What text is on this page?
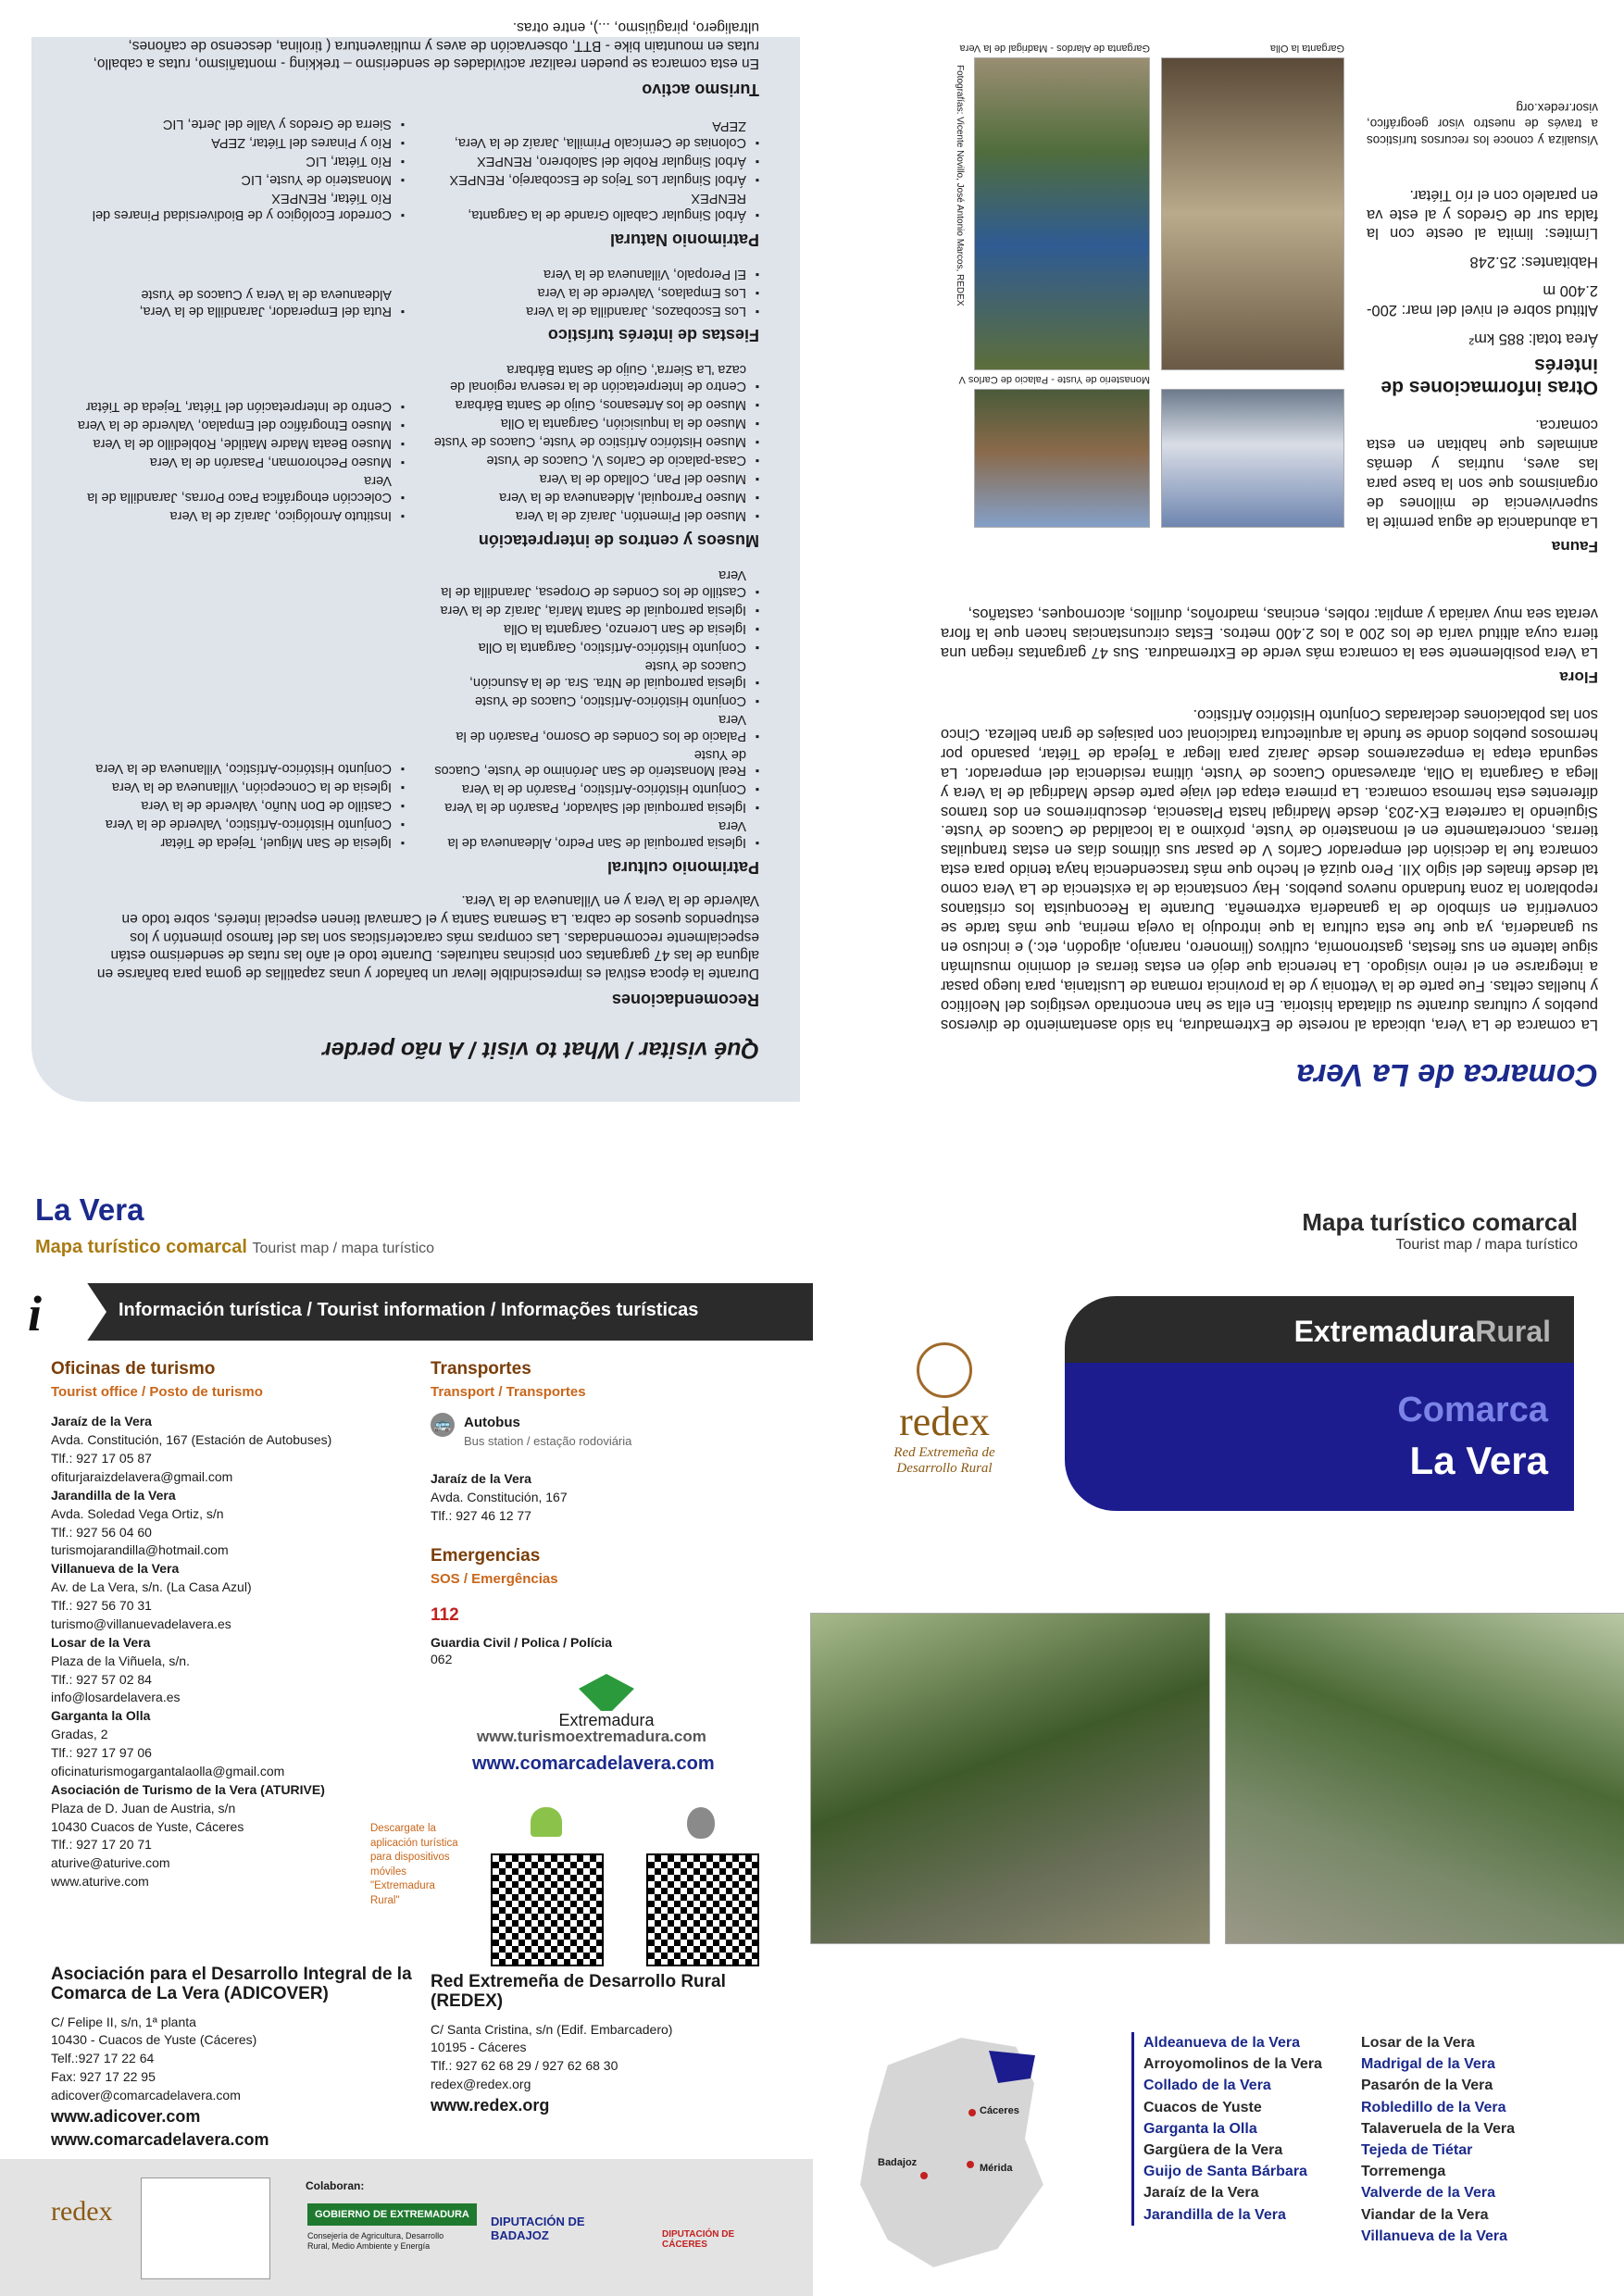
Comarca de La Vera

La comarca de La Vera, ubicada al noreste de Extremadura, ha sido asentamiento de diversos pueblos y culturas durante su dilatada historia. En ella se han encontrado vestigios del Neolítico y huellas celtas. Fue parte de la Vettonia y de la provincia romana de Lusitania, para luego pasar a integrarse en el reino visigodo. La herencia que dejó en estas tierras el dominio musulmán sigue latente en sus fiestas, gastronomía, cultivos (limonero, naranjo, algodón, etc.) e incluso en su ganadería, ya que fue esta cultura la que introdujo la oveja merina, que más tarde se convertiría en símbolo de la ganadería extremeña. Durante la Reconquista los cristianos repoblaron la zona fundando nuevos pueblos. Hay constancia de la existencia de La Vera como tal desde finales del siglo XII. Pero quizá el hecho que más trascendencia haya tenido para esta comarca fue la decisión del emperador Carlos V de pasar sus últimos días en estas tranquilas tierras, concretamente en el monasterio de Yuste, próximo a la localidad de Cuacos de Yuste. Siguiendo la carretera EX-203, desde Madrigal hasta Plasencia, descubriremos en dos tramos diferentes esta hermosa comarca. La primera etapa del viaje parte desde Madrigal de la Vera y llega a Garganta la Olla, atravesando Cuacos de Yuste, última residencia del emperador. La segunda etapa la empezaremos desde Jaraíz para llegar a Tejeda de Tiétar, pasando por hermosos pueblos donde se funde la arquitectura tradicional con paisajes de gran belleza. Cinco son las poblaciones declaradas Conjunto Histórico Artístico.

Flora

La Vera posiblemente sea la comarca más verde de Extremadura. Sus 47 gargantas riegan una tierra cuya altitud varía de los 200 a los 2.400 metros. Estas circunstancias hacen que la flora verata sea muy variada y amplia: robles, encinas, madroños, durillos, alcornoques, castaños,

Fauna

La abundancia de agua permite la supervivencia de millones de organismos que son la base para las aves, nutrias y demás animales que habitan en esta comarca.

Otras informaciones de interés

Área total: 885 km²

Altitud sobre el nivel del mar: 200-2.400 m

Habitantes: 25.248

Límites: limita al oeste con la falda sur de Gredos y al este va en paralelo con el río Tiétar.

Visualiza y conoce los recursos turísticos a través de nuestro visor geográfico, visor.redex.org

Monasterio de Yuste - Palacio de Carlos V
Garganta la Olla
Garganta de Alardos - Madrigal de la Vera
Qué visitar / What to visit / A não perder
Recomendaciones

Durante la época estival es imprescindible llevar un bañador y unas zapatillas de goma para bañarse en alguna de las 47 gargantas con piscinas naturales. Durante todo el año las rutas de senderismo están especialmente recomendadas. Las compras más características son las del famoso pimentón y los estupendos quesos de cabra. La Semana Santa y el Carnaval tienen especial interés, sobre todo en Valverde de la Vera y en Villanueva de la Vera.

Patrimonio cultural
▪ Iglesia parroquial de San Pedro, Aldeanueva de la Vera
▪ Iglesia parroquial del Salvador, Pasarón de la Vera
▪ Conjunto Histórico-Artístico, Pasarón de la Vera
▪ Real Monasterio de San Jerónimo de Yuste, Cuacos de Yuste
▪ Palacio de los Condes de Osorno, Pasarón de la Vera
▪ Conjunto Histórico-Artístico, Cuacos de Yuste
▪ Iglesia parroquial de Ntra. Sra. de la Asunción, Cuacos de Yuste
▪ Conjunto Histórico-Artístico, Garganta la Olla
▪ Iglesia de San Lorenzo, Garganta la Olla
▪ Iglesia parroquial de Santa María, Jaraíz de la Vera
▪ Castillo de los Condes de Oropesa, Jarandilla de la Vera
▪ Iglesia de San Miguel, Tejeda de Tiétar
▪ Conjunto Histórico-Artístico, Valverde de la Vera
▪ Castillo de Don Nuño, Valverde de la Vera
▪ Iglesia de la Concepción, Villanueva de la Vera
▪ Conjunto Histórico-Artístico, Villanueva de la Vera
Museos y centros de interpretación
▪ Museo del Pimentón, Jaraíz de la Vera
▪ Museo Parroquial, Aldeanueva de la Vera
▪ Museo del Pan, Collado de la Vera
▪ Casa-palacio de Carlos V, Cuacos de Yuste
▪ Museo Histórico Artístico de Yuste, Cuacos de Yuste
▪ Museo de la Inquisición, Garganta la Olla
▪ Museo de los Artesanos, Guijo de Santa Bárbara
▪ Centro de Interpretación de la reserva regional de caza 'La Sierra', Guijo de Santa Bárbara
▪ Instituto Arnológico, Jaraíz de la Vera
▪ Colección etnográfica Paco Porras, Jarandilla de la Vera
▪ Museo Pechoroman, Pasarón de la Vera
▪ Museo Beata Madre Matilde, Robledillo de la Vera
▪ Museo Etnográfico del Empalao, Valverde de la Vera
▪ Centro de Interpretación del Tiétar, Tejeda de Tiétar
Fiestas de interés turístico
▪ Los Escobazos, Jarandilla de la Vera
▪ Los Empalaos, Valverde de la Vera
▪ El Peropalo, Villanueva de la Vera
▪ Ruta del Emperador, Jarandilla de la Vera, Aldeanueva de la Vera y Cuacos de Yuste
Patrimonio Natural
▪ Árbol Singular Caballo Grande de la Garganta, RENPEX
▪ Árbol Singular Los Tejos de Escobarejo, RENPEX
▪ Árbol Singular Roble del Salobrero, RENPEX
▪ Colonias de Cernícalo Primilla, Jaraíz de la Vera, ZEPA
▪ Corredor Ecológico y de Biodiversidad Pinares del Río Tiétar, RENPEX
▪ Monasterio de Yuste, LIC
▪ Río Tiétar, LIC
▪ Río y Pinares del Tiétar, ZEPA
▪ Sierra de Gredos y Valle del Jerte, LIC
Turismo activo

En esta comarca se pueden realizar actividades de senderismo – trekking - montañismo, rutas a caballo, rutas en mountain bike - BTT, observación de aves y multiaventura ( tirolina, descenso de cañones, ultraligero, piragüismo, ...), entre otras.

Fotografías: Vicente Novillo, José Antonio Marcos, REDEX
La Vera
Mapa turístico comarcal Tourist map / mapa turístico
i	Información turística / Tourist information / Informações turísticas
Oficinas de turismo
Tourist office / Posto de turismo
Jaraíz de la Vera
Avda. Constitución, 167 (Estación de Autobuses)
Tlf.: 927 17 05 87
ofiturjaraizdelavera@gmail.com
Jarandilla de la Vera
Avda. Soledad Vega Ortiz, s/n
Tlf.: 927 56 04 60
turismojarandilla@hotmail.com
Villanueva de la Vera
Av. de La Vera, s/n. (La Casa Azul)
Tlf.: 927 56 70 31
turismo@villanuevadelavera.es
Losar de la Vera
Plaza de la Viñuela, s/n.
Tlf.: 927 57 02 84
info@losardelavera.es
Garganta la Olla
Gradas, 2
Tlf.: 927 17 97 06
oficinaturismogargantalaolla@gmail.com
Asociación de Turismo de la Vera (ATURIVE)
Plaza de D. Juan de Austria, s/n
10430 Cuacos de Yuste, Cáceres
Tlf.: 927 17 20 71
aturive@aturive.com
www.aturive.com
Transportes
Transport / Transportes
🚌 Autobus
Bus station / estação rodoviária
Jaraíz de la Vera
Avda. Constitución, 167
Tlf.: 927 46 12 77
Emergencias
SOS / Emergências
112
Guardia Civil / Polica / Polícia
062
Extremadura
www.turismoextremadura.com
www.comarcadelavera.com
Descargate la
aplicación turística
para dispositivos
móviles
"Extremadura
Rural"
redex
Red Extremeña de Desarrollo Rural
Asociación para el Desarrollo Integral de la Comarca de La Vera (ADICOVER)
C/ Felipe II, s/n, 1ª planta
10430 - Cuacos de Yuste (Cáceres)
Telf.:927 17 22 64
Fax: 927 17 22 95
adicover@comarcadelavera.com
www.adicover.com
www.comarcadelavera.com
Red Extremeña de Desarrollo Rural (REDEX)
C/ Santa Cristina, s/n (Edif. Embarcadero)
10195 - Cáceres
Tlf.: 927 62 68 29 / 927 62 68 30
redex@redex.org
www.redex.org
redex
Colaboran:
GOBIERNO DE EXTREMADURA
Consejería de Agricultura, Desarrollo Rural, Medio Ambiente y Energía
DIPUTACIÓN DE BADAJOZ	DIPUTACIÓN DE CÁCERES
Mapa turístico comarcal
Tourist map / mapa turístico
ExtremaduraRural
Comarca
La Vera
Cáceres
Badajoz	Mérida
Aldeanueva de la Vera
Arroyomolinos de la Vera
Collado de la Vera
Cuacos de Yuste
Garganta la Olla
Gargüera de la Vera
Guijo de Santa Bárbara
Jaraíz de la Vera
Jarandilla de la Vera
Losar de la Vera
Madrigal de la Vera
Pasarón de la Vera
Robledillo de la Vera
Talaveruela de la Vera
Tejeda de Tiétar
Torremenga
Valverde de la Vera
Viandar de la Vera
Villanueva de la Vera
